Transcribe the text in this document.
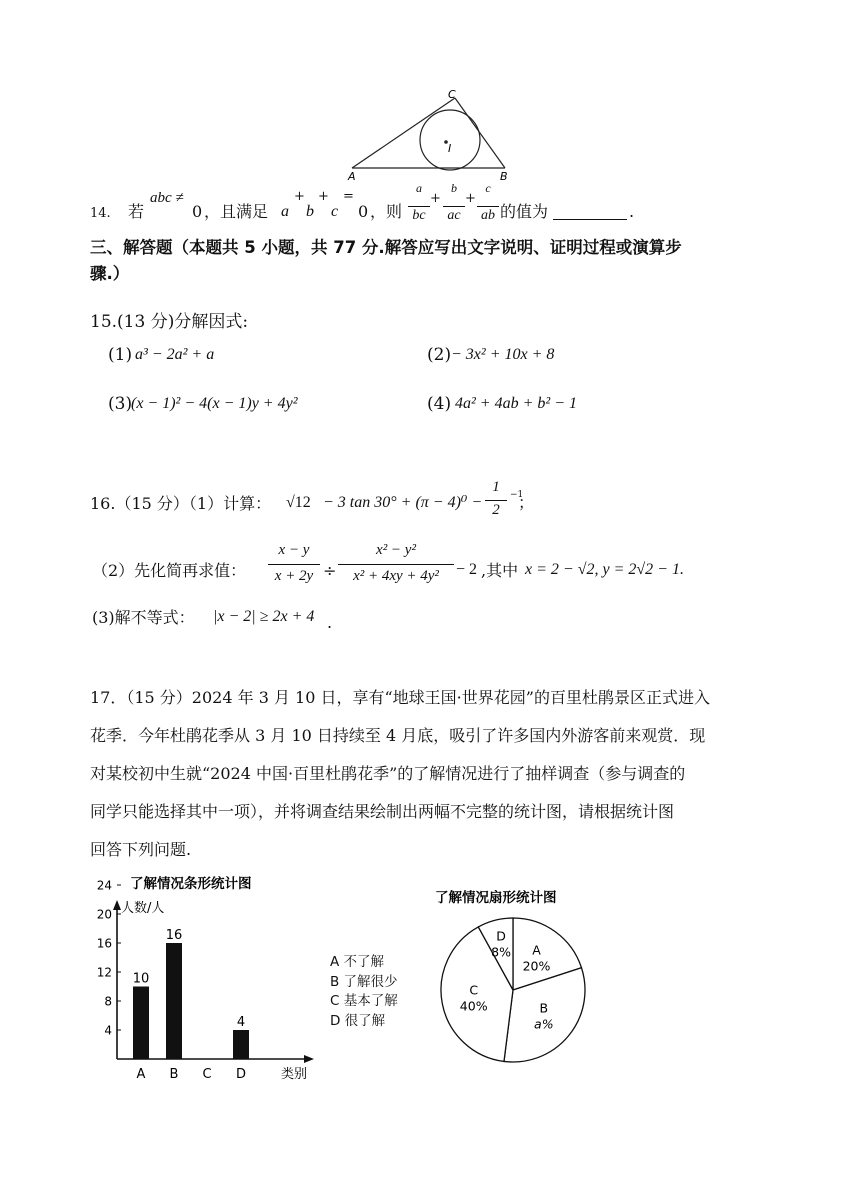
C
I
A	B
14. 若
abc ≠
0 ，且满足 a
+
b
+
c
=
0 ，则 $\frac{a}{bc} + \frac{b}{ac} + \frac{c}{ab}$ 的值为	.
三、解答题（本题共 5 小题，共 77 分.解答应写出文字说明、证明过程或演算步
骤.）
15.(13 分)分解因式:
(1) a³ − 2a² + a	(2) − 3x² + 10x + 8
(3)
(x − 1)² − 4(x − 1)y + 4y²	(4) 4a² + 4ab + b² − 1
16.（15 分）（1）计算： √12 − 3 $\tan 30^\circ + (\pi - 4)^0 - \frac{1}{2} -1$
；
（2）先化简再求值： $\frac{x - y}{x + 2y} \div \frac{\text{x² − y²}}{\text{x² + 4xy + 4y²}} - 2$ ,其中 x = 2 − √2, y = 2√2 − 1.
(3)解不等式： |x − 2| ≥ 2x + 4 .
17．（15 分）2024 年 3 月 10 日，享有“地球王国·世界花园”的百里杜鹃景区正式进入
花季．今年杜鹃花季从 3 月 10 日持续至 4 月底，吸引了许多国内外游客前来观赏．现
对某校初中生就“2024 中国·百里杜鹃花季”的了解情况进行了抽样调查（参与调查的
同学只能选择其中一项），并将调查结果绘制出两幅不完整的统计图，请根据统计图
回答下列问题.
了解情况条形统计图
人数/人
4
8
12
16
20
24
10
A
16
B C
4
D	类别
A 不了解
B 了解很少
C 基本了解
D 很了解
了解情况扇形统计图
A
20%
B
a%
C
40%
D
8%
